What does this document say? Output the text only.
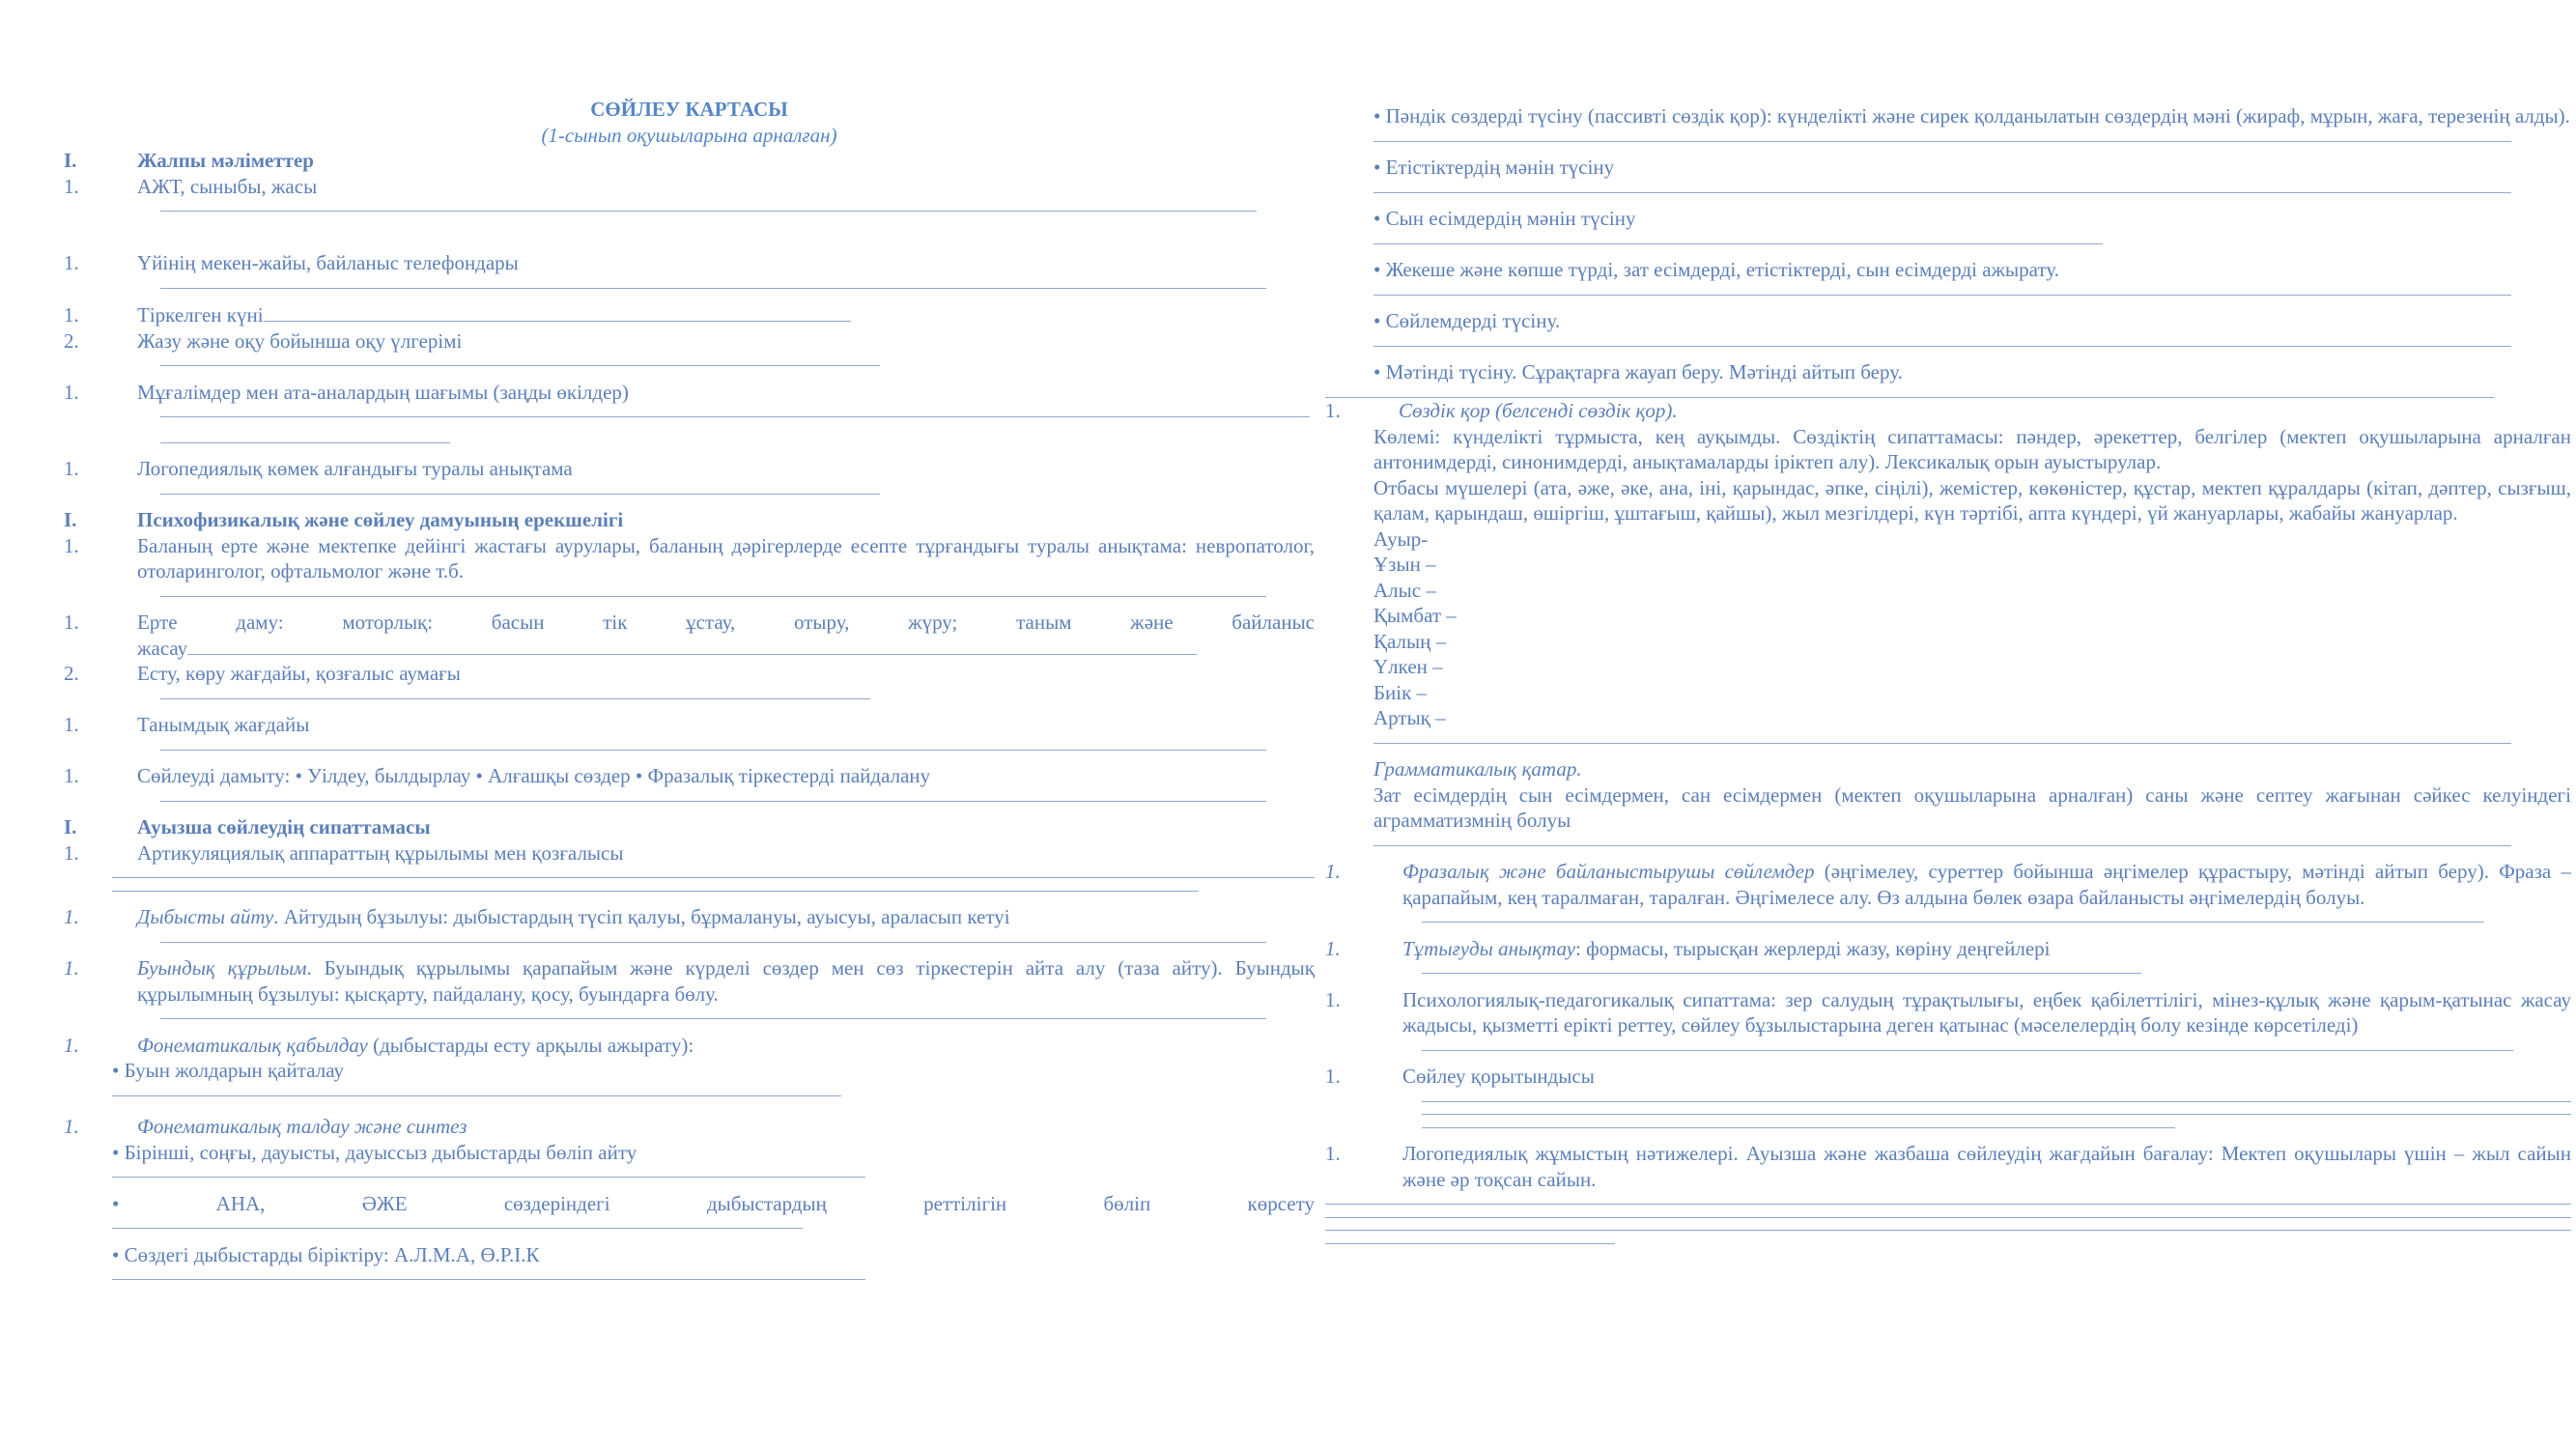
СӨЙЛЕУ КАРТАСЫ
(1-сынып оқушыларына арналған)
I.	Жалпы мәліметтер
1.	АЖТ, сыныбы, жасы
1.	Үйінің мекен-жайы, байланыс телефондары
1.	Тіркелген күні
2.	Жазу және оқу бойынша оқу үлгерімі
1.	Мұғалімдер мен ата-аналардың шағымы (заңды өкілдер)
1.	Логопедиялық көмек алғандығы туралы анықтама
I.	Психофизикалық және сөйлеу дамуының ерекшелігі
1.	Баланың ерте және мектепке дейінгі жастағы аурулары, баланың дәрігерлерде есепте тұрғандығы туралы анықтама: невропатолог, отоларинголог, офтальмолог және т.б.
1.	Ерте даму: моторлық: басын тік ұстау, отыру, жүру; таным және байланыс
жасау
2.	Есту, көру жағдайы, қозғалыс аумағы
1.	Танымдық жағдайы
1.	Сөйлеуді дамыту: • Уілдеу, былдырлау • Алғашқы сөздер • Фразалық тіркестерді пайдалану
I.	Ауызша сөйлеудің сипаттамасы
1.	Артикуляциялық аппараттың құрылымы мен қозғалысы
1.	Дыбысты айту. Айтудың бұзылуы: дыбыстардың түсіп қалуы, бұрмалануы, ауысуы, араласып кетуі
1.	Буындық құрылым. Буындық құрылымы қарапайым және күрделі сөздер мен сөз тіркестерін айта алу (таза айту). Буындық құрылымның бұзылуы: қысқарту, пайдалану, қосу, буындарға бөлу.
1.	Фонематикалық қабылдау (дыбыстарды есту арқылы ажырату):
• Буын жолдарын қайталау
1.	Фонематикалық талдау және синтез
• Бірінші, соңғы, дауысты, дауыссыз дыбыстарды бөліп айту
• АНА, ӘЖЕ сөздеріндегі дыбыстардың реттілігін бөліп көрсету
• Сөздегі дыбыстарды біріктіру: А.Л.М.А, Ө.Р.І.К
• Пәндік сөздерді түсіну (пассивті сөздік қор): күнделікті және сирек қолданылатын сөздердің мәні (жираф, мұрын, жаға, терезенің алды).
• Етістіктердің мәнін түсіну
• Сын есімдердің мәнін түсіну
• Жекеше және көпше түрді, зат есімдерді, етістіктерді, сын есімдерді ажырату.
• Сөйлемдерді түсіну.
• Мәтінді түсіну. Сұрақтарға жауап беру. Мәтінді айтып беру.
1.	Сөздік қор (белсенді сөздік қор).
Көлемі: күнделікті тұрмыста, кең ауқымды. Сөздіктің сипаттамасы: пәндер, әрекеттер, белгілер (мектеп оқушыларына арналған антонимдерді, синонимдерді, анықтамаларды іріктеп алу). Лексикалық орын ауыстырулар.
Отбасы мүшелері (ата, әже, әке, ана, іні, қарындас, әпке, сіңілі), жемістер, көкөністер, құстар, мектеп құралдары (кітап, дәптер, сызғыш, қалам, қарындаш, өшіргіш, ұштағыш, қайшы), жыл мезгілдері, күн тәртібі, апта күндері, үй жануарлары, жабайы жануарлар.
Ауыр-
Ұзын –
Алыс –
Қымбат –
Қалың –
Үлкен –
Биік –
Артық –
Грамматикалық қатар.
Зат есімдердің сын есімдермен, сан есімдермен (мектеп оқушыларына арналған) саны және септеу жағынан сәйкес келуіндегі аграмматизмнің болуы
1.	Фразалық және байланыстырушы сөйлемдер (әңгімелеу, суреттер бойынша әңгімелер құрастыру, мәтінді айтып беру). Фраза – қарапайым, кең таралмаған, таралған. Әңгімелесе алу. Өз алдына бөлек өзара байланысты әңгімелердің болуы.
1.	Тұтығуды анықтау: формасы, тырысқан жерлерді жазу, көріну деңгейлері
1.	Психологиялық-педагогикалық сипаттама: зер салудың тұрақтылығы, еңбек қабілеттілігі, мінез-құлық және қарым-қатынас жасау жадысы, қызметті ерікті реттеу, сөйлеу бұзылыстарына деген қатынас (мәселелердің болу кезінде көрсетіледі)
1.	Сөйлеу қорытындысы
1.	Логопедиялық жұмыстың нәтижелері. Ауызша және жазбаша сөйлеудің жағдайын бағалау: Мектеп оқушылары үшін – жыл сайын және әр тоқсан сайын.
